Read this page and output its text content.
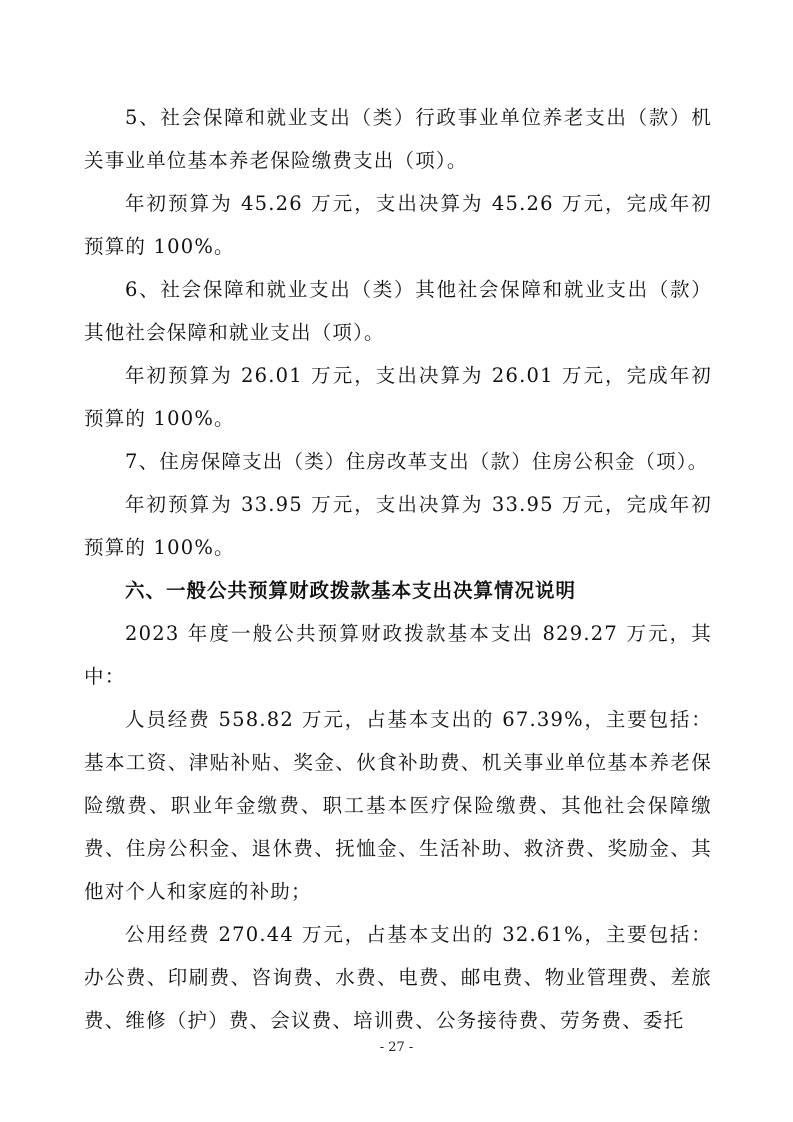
5、社会保障和就业支出（类）行政事业单位养老支出（款）机关事业单位基本养老保险缴费支出（项）。

年初预算为 45.26 万元，支出决算为 45.26 万元，完成年初预算的 100%。

6、社会保障和就业支出（类）其他社会保障和就业支出（款）其他社会保障和就业支出（项）。

年初预算为 26.01 万元，支出决算为 26.01 万元，完成年初预算的 100%。

7、住房保障支出（类）住房改革支出（款）住房公积金（项）。

年初预算为 33.95 万元，支出决算为 33.95 万元，完成年初预算的 100%。

六、一般公共预算财政拨款基本支出决算情况说明

2023 年度一般公共预算财政拨款基本支出 829.27 万元，其中：

人员经费 558.82 万元，占基本支出的 67.39%，主要包括：基本工资、津贴补贴、奖金、伙食补助费、机关事业单位基本养老保险缴费、职业年金缴费、职工基本医疗保险缴费、其他社会保障缴费、住房公积金、退休费、抚恤金、生活补助、救济费、奖励金、其他对个人和家庭的补助；

公用经费 270.44 万元，占基本支出的 32.61%，主要包括：办公费、印刷费、咨询费、水费、电费、邮电费、物业管理费、差旅费、维修（护）费、会议费、培训费、公务接待费、劳务费、委托

- 27 -
